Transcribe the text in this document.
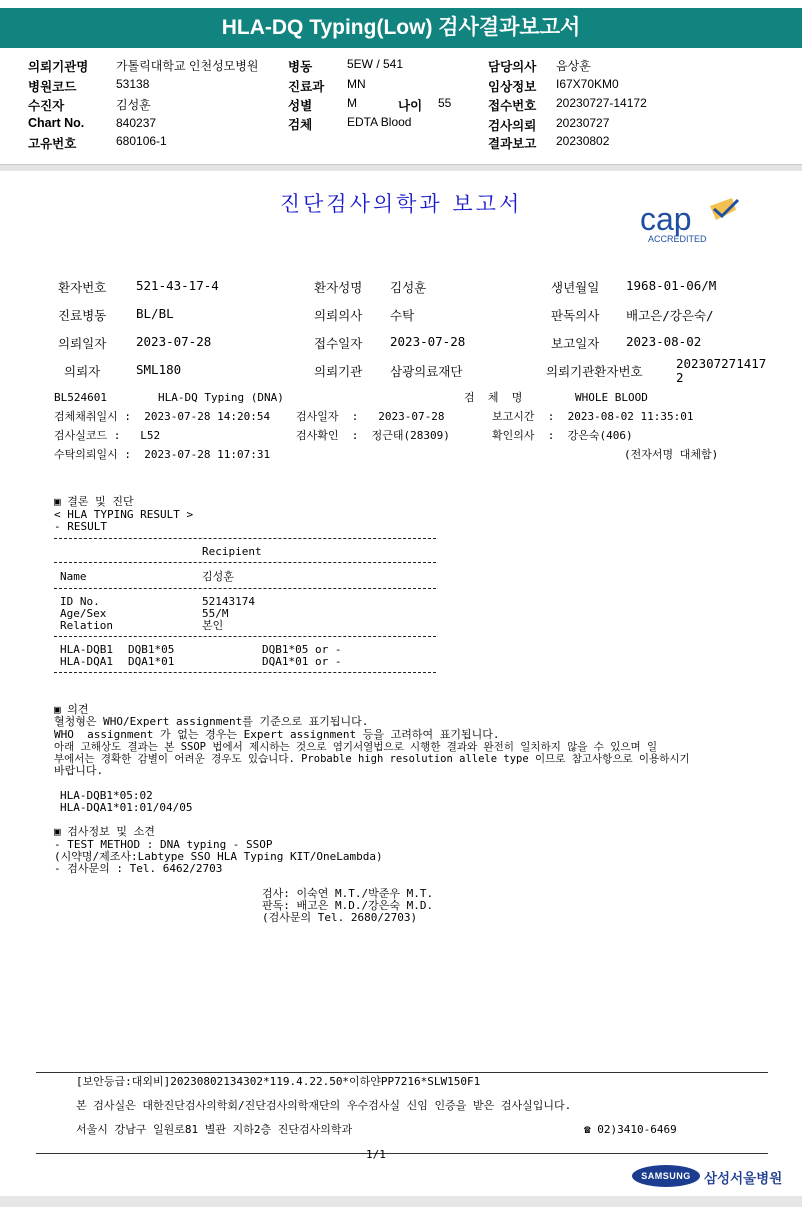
HLA-DQ Typing(Low) 검사결과보고서
의뢰기관명 가톨릭대학교 인천성모병원
병원코드	53138
수진자	김성훈
Chart No.	840237
고유번호	680106-1
병동	5EW / 541
진료과 MN
성별	M	나이 55
검체	EDTA Blood
담당의사 음상훈
임상정보 I67X70KM0
접수번호 20230727-14172
검사의뢰 20230727
결과보고 20230802
진단검사의학과 보고서	cap
ACCREDITED
환자번호 521-43-17-4	환자성명 김성훈	생년월일 1968-01-06/M
진료병동 BL/BL	의뢰의사 수탁	판독의사 배고은/강은숙/
의뢰일자 2023-07-28	접수일자 2023-07-28	보고일자 2023-08-02
의뢰자	SML180	의뢰기관 삼광의료재단	의뢰기관환자번호
202307271417
2
BL524601	HLA-DQ Typing (DNA)	검  체  명	WHOLE BLOOD
검체채취일시 :  2023-07-28 14:20:54 검사일자  :   2023-07-28	보고시간  :  2023-08-02 11:35:01
검사실코드 :   L52	검사확인  :  정근태(28309)	확인의사  :  강은숙(406)
수탁의뢰일시 :  2023-07-28 11:07:31	(전자서명 대체함)
▣ 결론 및 진단
< HLA TYPING RESULT >
- RESULT
Recipient
Name	김성훈
ID No.	52143174
Age/Sex	55/M
Relation	본인
HLA-DQB1 DQB1*05	DQB1*05 or -
HLA-DQA1 DQA1*01	DQA1*01 or -
▣ 의견
혈청형은 WHO/Expert assignment를 기준으로 표기됩니다.
WHO  assignment 가 없는 경우는 Expert assignment 등을 고려하여 표기됩니다.
아래 고해상도 결과는 본 SSOP 법에서 제시하는 것으로 염기서열법으로 시행한 결과와 완전히 일치하지 않을 수 있으며 일
부에서는 경확한 감별이 어려운 경우도 있습니다. Probable high resolution allele type 이므로 참고사항으로 이용하시기
바랍니다.
HLA-DQB1*05:02
HLA-DQA1*01:01/04/05
▣ 검사정보 및 소견
- TEST METHOD : DNA typing - SSOP
(시약명/제조사:Labtype SSO HLA Typing KIT/OneLambda)
- 검사문의 : Tel. 6462/2703
검사: 이숙연 M.T./박준우 M.T.
판독: 배고은 M.D./강은숙 M.D.
(검사문의 Tel. 2680/2703)
[보안등급:대외비]20230802134302*119.4.22.50*이하얀PP7216*SLW150F1
본 검사실은 대한진단검사의학회/진단검사의학재단의 우수검사실 신임 인증을 받은 검사실입니다.
서울시 강남구 일원로81 별관 지하2층 진단검사의학과	☎ 02)3410-6469
1/1
SAMSUNG 삼성서울병원
